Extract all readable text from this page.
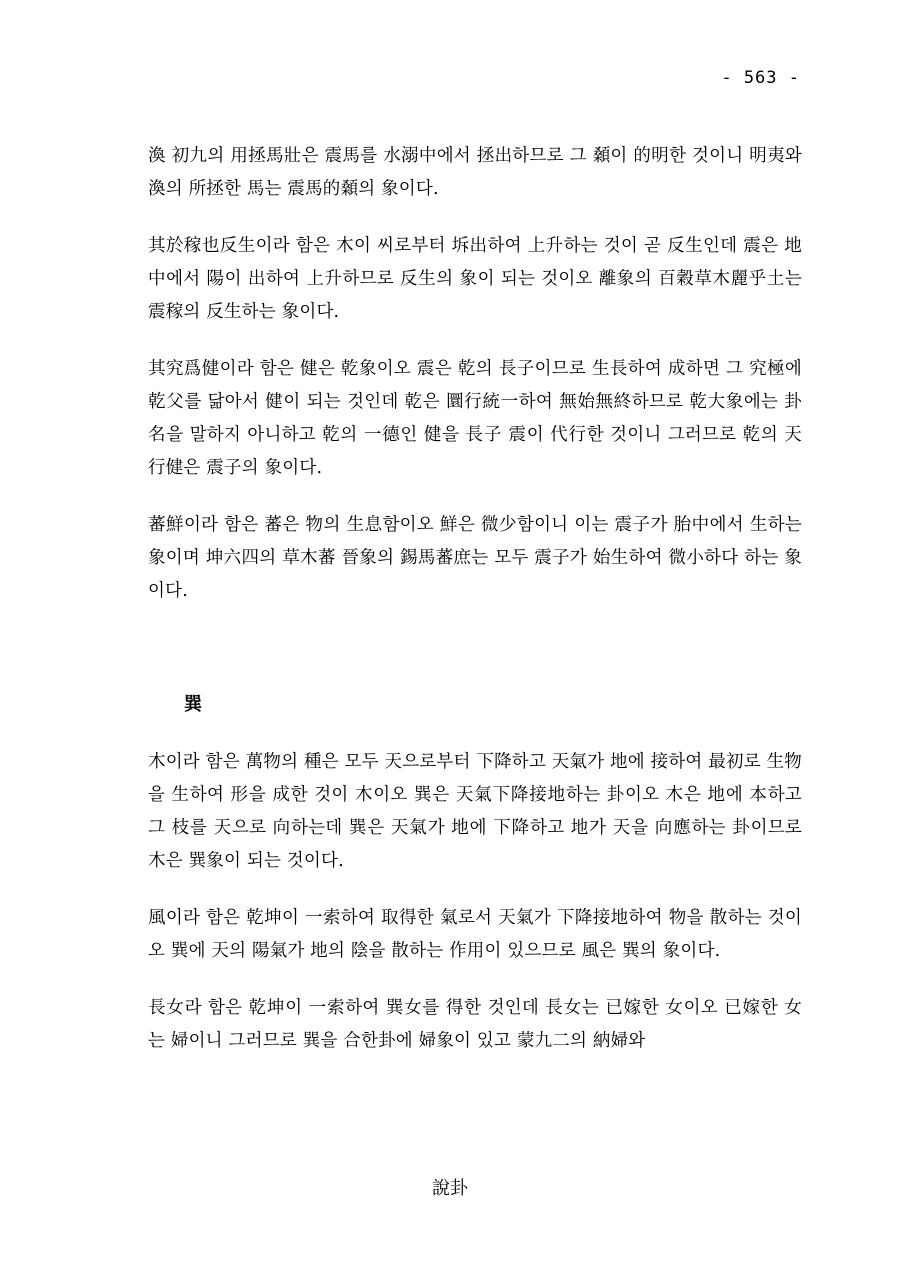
- 563 -

渙 初九의 用拯馬壯은 震馬를 水溺中에서 拯出하므로 그 顙이 的明한 것이니 明夷와 渙의 所拯한 馬는 震馬的顙의 象이다.

其於稼也反生이라 함은 木이 씨로부터 坼出하여 上升하는 것이 곧 反生인데 震은 地中에서 陽이 出하여 上升하므로 反生의 象이 되는 것이오 離象의 百穀草木麗乎土는 震稼의 反生하는 象이다.

其究爲健이라 함은 健은 乾象이오 震은 乾의 長子이므로 生長하여 成하면 그 究極에 乾父를 닮아서 健이 되는 것인데 乾은 圜行統一하여 無始無終하므로 乾大象에는 卦名을 말하지 아니하고 乾의 一德인 健을 長子 震이 代行한 것이니 그러므로 乾의 天行健은 震子의 象이다.

蕃鮮이라 함은 蕃은 物의 生息함이오 鮮은 微少함이니 이는 震子가 胎中에서 生하는 象이며 坤六四의 草木蕃 晉象의 錫馬蕃庶는 모두 震子가 始生하여 微小하다 하는 象이다.

巽

木이라 함은 萬物의 種은 모두 天으로부터 下降하고 天氣가 地에 接하여 最初로 生物을 生하여 形을 成한 것이 木이오 巽은 天氣下降接地하는 卦이오 木은 地에 本하고 그 枝를 天으로 向하는데 巽은 天氣가 地에 下降하고 地가 天을 向應하는 卦이므로 木은 巽象이 되는 것이다.

風이라 함은 乾坤이 一索하여 取得한 氣로서 天氣가 下降接地하여 物을 散하는 것이오 巽에 天의 陽氣가 地의 陰을 散하는 作用이 있으므로 風은 巽의 象이다.

長女라 함은 乾坤이 一索하여 巽女를 得한 것인데 長女는 已嫁한 女이오 已嫁한 女는 婦이니 그러므로 巽을 合한卦에 婦象이 있고 蒙九二의 納婦와

說卦
